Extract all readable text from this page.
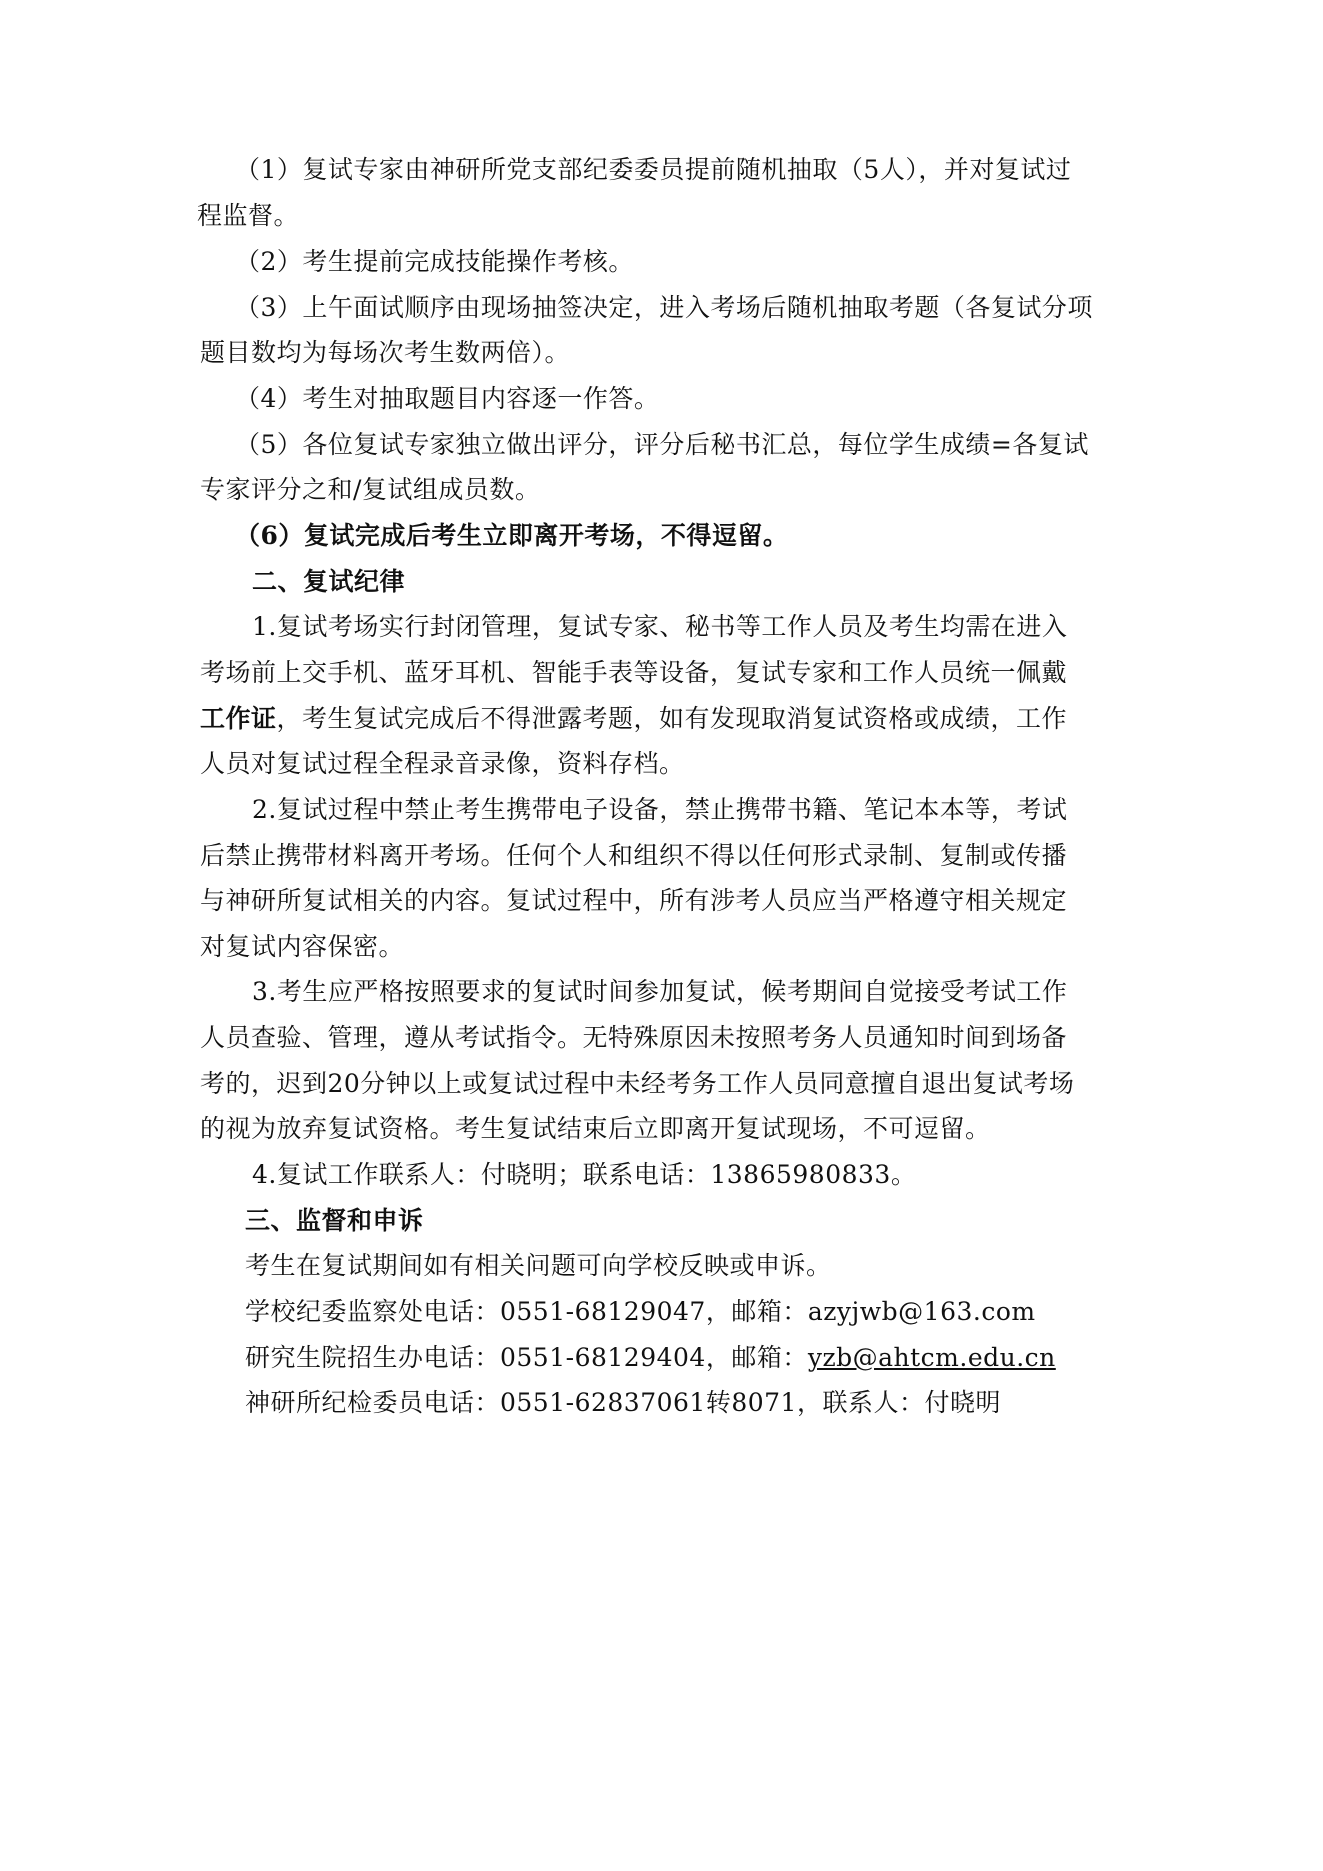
（1）复试专家由神研所党支部纪委委员提前随机抽取（5人），并对复试过
程监督。
（2）考生提前完成技能操作考核。
（3）上午面试顺序由现场抽签决定，进入考场后随机抽取考题（各复试分项
题目数均为每场次考生数两倍）。
（4）考生对抽取题目内容逐一作答。
（5）各位复试专家独立做出评分，评分后秘书汇总，每位学生成绩=各复试
专家评分之和/复试组成员数。
（6）复试完成后考生立即离开考场，不得逗留。
二、复试纪律
1.复试考场实行封闭管理，复试专家、秘书等工作人员及考生均需在进入
考场前上交手机、蓝牙耳机、智能手表等设备，复试专家和工作人员统一佩戴
工作证，考生复试完成后不得泄露考题，如有发现取消复试资格或成绩，工作
人员对复试过程全程录音录像，资料存档。
2.复试过程中禁止考生携带电子设备，禁止携带书籍、笔记本本等，考试
后禁止携带材料离开考场。任何个人和组织不得以任何形式录制、复制或传播
与神研所复试相关的内容。复试过程中，所有涉考人员应当严格遵守相关规定
对复试内容保密。
3.考生应严格按照要求的复试时间参加复试，候考期间自觉接受考试工作
人员查验、管理，遵从考试指令。无特殊原因未按照考务人员通知时间到场备
考的，迟到20分钟以上或复试过程中未经考务工作人员同意擅自退出复试考场
的视为放弃复试资格。考生复试结束后立即离开复试现场，不可逗留。
4.复试工作联系人：付晓明；联系电话：13865980833。
三、监督和申诉
考生在复试期间如有相关问题可向学校反映或申诉。
学校纪委监察处电话：0551-68129047，邮箱：azyjwb@163.com
研究生院招生办电话：0551-68129404，邮箱：yzb@ahtcm.edu.cn
神研所纪检委员电话：0551-62837061转8071，联系人：付晓明
